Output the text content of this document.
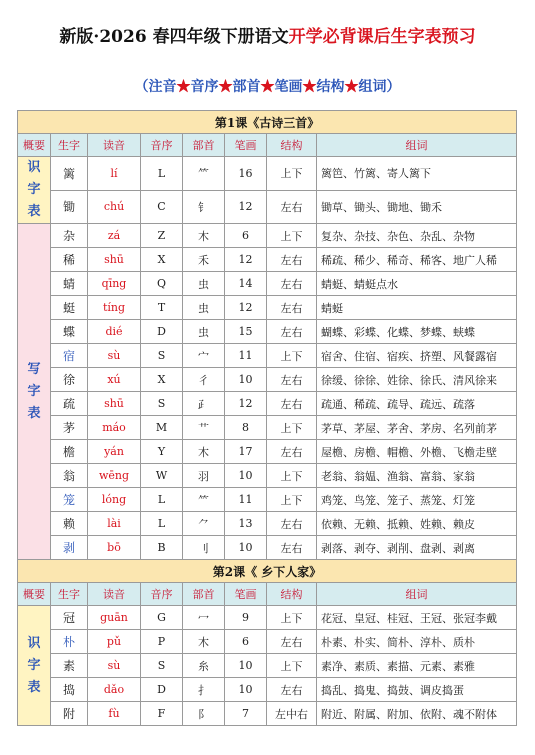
新版·2026 春四年级下册语文开学必背课后生字表预习
（注音★音序★部首★笔画★结构★组词）
第1课《古诗三首》							
概要	生字	读音	音序	部首	笔画	结构	组词

识
字
表	篱	lí	L	⺮	16	上下	篱笆、竹篱、寄人篱下
	锄	chú	C	钅	12	左右	锄草、锄头、锄地、锄禾

写
字
表	杂	zá	Z	木	6	上下	复杂、杂技、杂色、杂乱、杂物
	稀	shū	X	禾	12	左右	稀疏、稀少、稀奇、稀客、地广人稀
	蜻	qīng	Q	虫	14	左右	蜻蜓、蜻蜓点水
	蜓	tíng	T	虫	12	左右	蜻蜓
	蝶	dié	D	虫	15	左右	蝴蝶、彩蝶、化蝶、梦蝶、蛱蝶
	宿	sù	S	宀	11	上下	宿舍、住宿、宿疾、挤塑、风餐露宿
	徐	xú	X	彳	10	左右	徐缓、徐徐、姓徐、徐氏、清风徐来
	疏	shū	S	⺪	12	左右	疏通、稀疏、疏导、疏远、疏落
	茅	máo	M	艹	8	上下	茅草、茅屋、茅舍、茅房、名列前茅
	檐	yán	Y	木	17	左右	屋檐、房檐、帽檐、外檐、飞檐走壁
	翁	wēng	W	羽	10	上下	老翁、翁媪、渔翁、富翁、家翁
	笼	lóng	L	⺮	11	上下	鸡笼、鸟笼、笼子、蒸笼、灯笼
	赖	lài	L	⺈	13	左右	依赖、无赖、抵赖、姓赖、赖皮
	剥	bō	B	刂	10	左右	剥落、剥夺、剥削、盘剥、剥离
第2课《 乡下人家》							
概要	生字	读音	音序	部首	笔画	结构	组词

识
字
表	冠	guān	G	冖	9	上下	花冠、皇冠、桂冠、王冠、张冠李戴
	朴	pǔ	P	木	6	左右	朴素、朴实、简朴、淳朴、质朴
	素	sù	S	糸	10	上下	素净、素质、素描、元素、素雅
	捣	dǎo	D	扌	10	左右	捣乱、捣鬼、捣鼓、调皮捣蛋
	附	fù	F	阝	7	左中右	附近、附属、附加、依附、魂不附体
